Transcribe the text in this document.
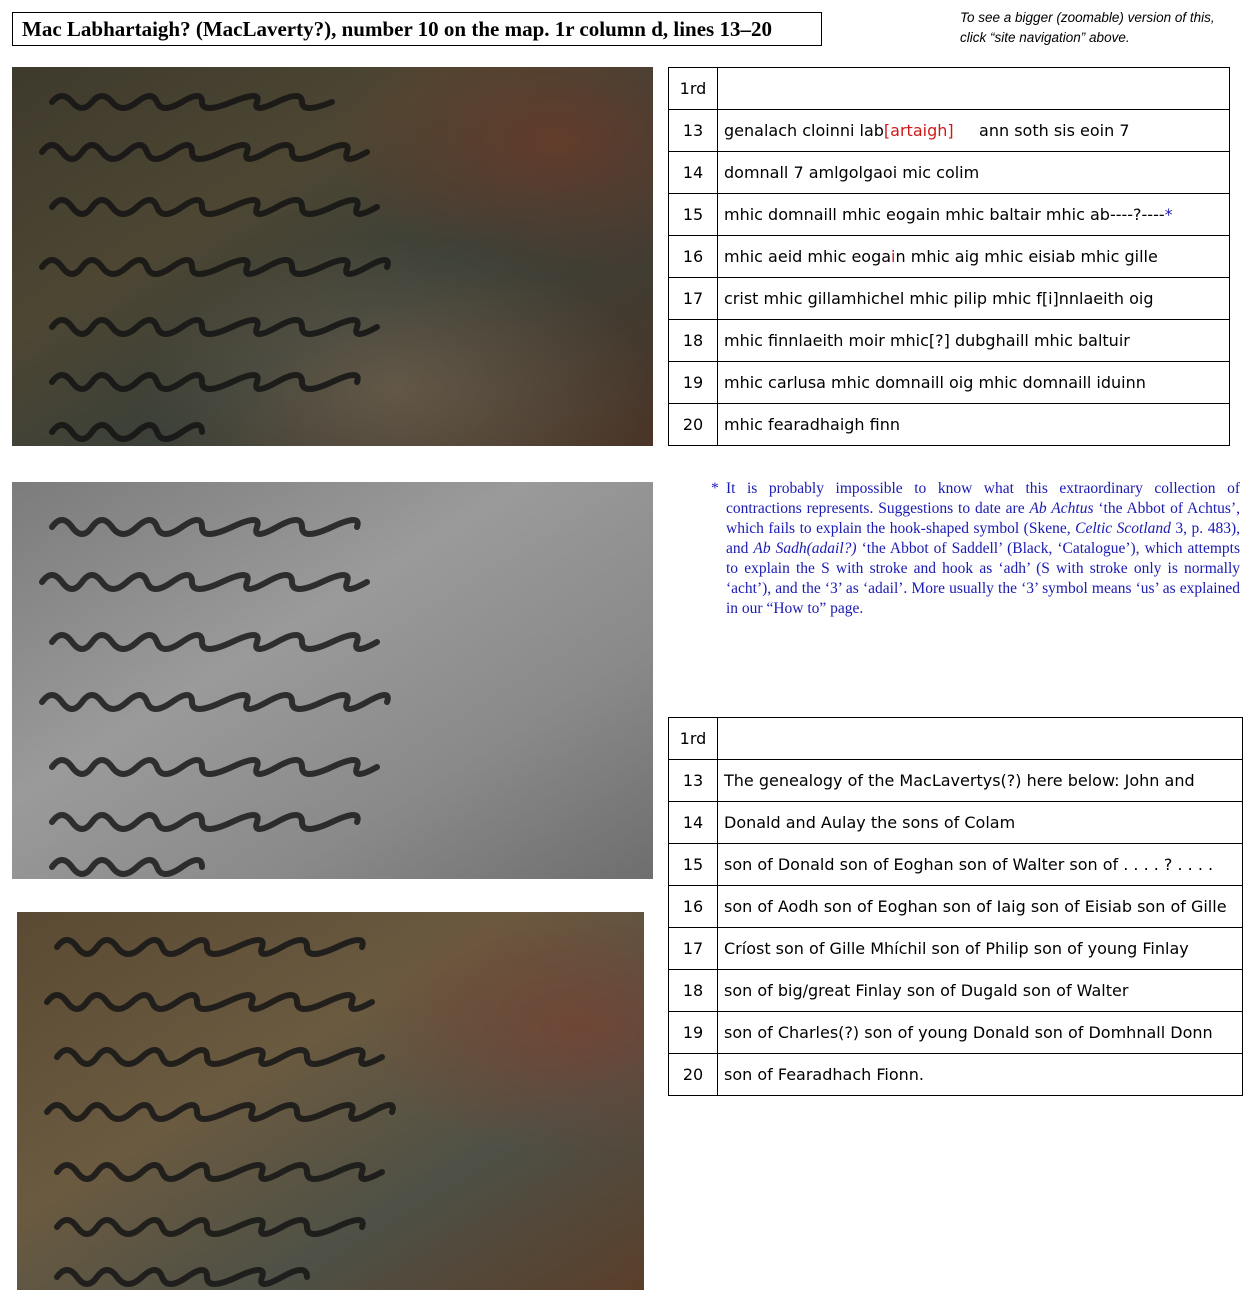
Mac Labhartaigh? (MacLaverty?), number 10 on the map. 1r column d, lines 13–20	To see a bigger (zoomable) version of this, click “site navigation” above.
1rd	
13	genalach cloinni lab[artaigh]     ann soth sis eoin 7
14	domnall 7 amlgolgaoi mic colim
15	mhic domnaill mhic eogain mhic baltair mhic ab----?----*
16	mhic aeid mhic eogain mhic aig mhic eisiab mhic gille
17	crist mhic gillamhichel mhic pilip mhic f[i]nnlaeith oig
18	mhic finnlaeith moir mhic[?] dubghaill mhic baltuir
19	mhic carlusa mhic domnaill oig mhic domnaill iduinn
20	mhic fearadhaigh finn
* It is probably impossible to know what this extraordinary collection of contractions represents. Suggestions to date are Ab Achtus ‘the Abbot of Achtus’, which fails to explain the hook-shaped symbol (Skene, Celtic Scotland 3, p. 483), and Ab Sadh(adail?) ‘the Abbot of Saddell’ (Black, ‘Catalogue’), which attempts to explain the S with stroke and hook as ‘adh’ (S with stroke only is normally ‘acht’), and the ‘3’ as ‘adail’. More usually the ‘3’ symbol means ‘us’ as explained in our “How to” page.
1rd	
13	The genealogy of the MacLavertys(?) here below: John and
14	Donald and Aulay the sons of Colam
15	son of Donald son of Eoghan son of Walter son of . . . . ? . . . .
16	son of Aodh son of Eoghan son of Iaig son of Eisiab son of Gille
17	Críost son of Gille Mhíchil son of Philip son of young Finlay
18	son of big/great Finlay son of Dugald son of Walter
19	son of Charles(?) son of young Donald son of Domhnall Donn
20	son of Fearadhach Fionn.
